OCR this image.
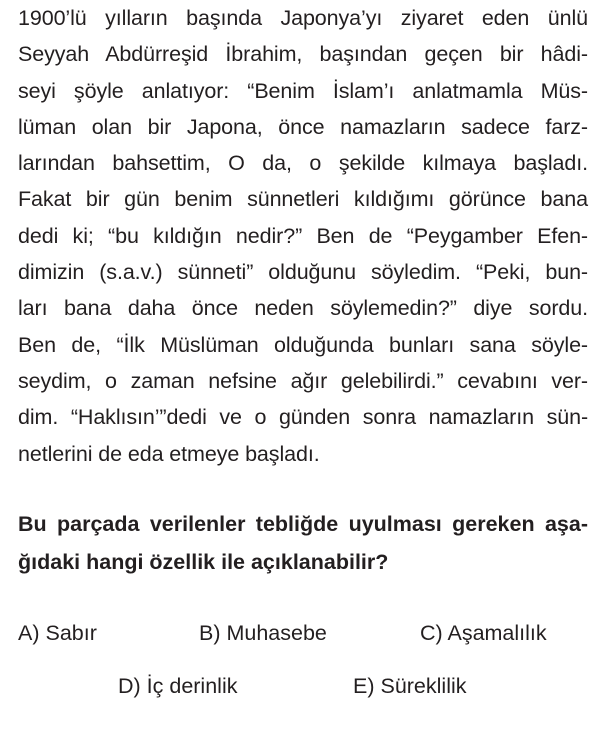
1900’lü yılların başında Japonya’yı ziyaret eden ünlü
Seyyah Abdürreşid İbrahim, başından geçen bir hâdi-
seyi şöyle anlatıyor: “Benim İslam’ı anlatmamla Müs-
lüman olan bir Japona, önce namazların sadece farz-
larından bahsettim, O da, o şekilde kılmaya başladı.
Fakat bir gün benim sünnetleri kıldığımı görünce bana
dedi ki; “bu kıldığın nedir?” Ben de “Peygamber Efen-
dimizin (s.a.v.) sünneti” olduğunu söyledim. “Peki, bun-
ları bana daha önce neden söylemedin?” diye sordu.
Ben de, “İlk Müslüman olduğunda bunları sana söyle-
seydim, o zaman nefsine ağır gelebilirdi.” cevabını ver-
dim. “Haklısın’”dedi ve o günden sonra namazların sün-
netlerini de eda etmeye başladı.
Bu parçada verilenler tebliğde uyulması gereken aşa-
ğıdaki hangi özellik ile açıklanabilir?
A) Sabır	B) Muhasebe	C) Aşamalılık
D) İç derinlik	E) Süreklilik
